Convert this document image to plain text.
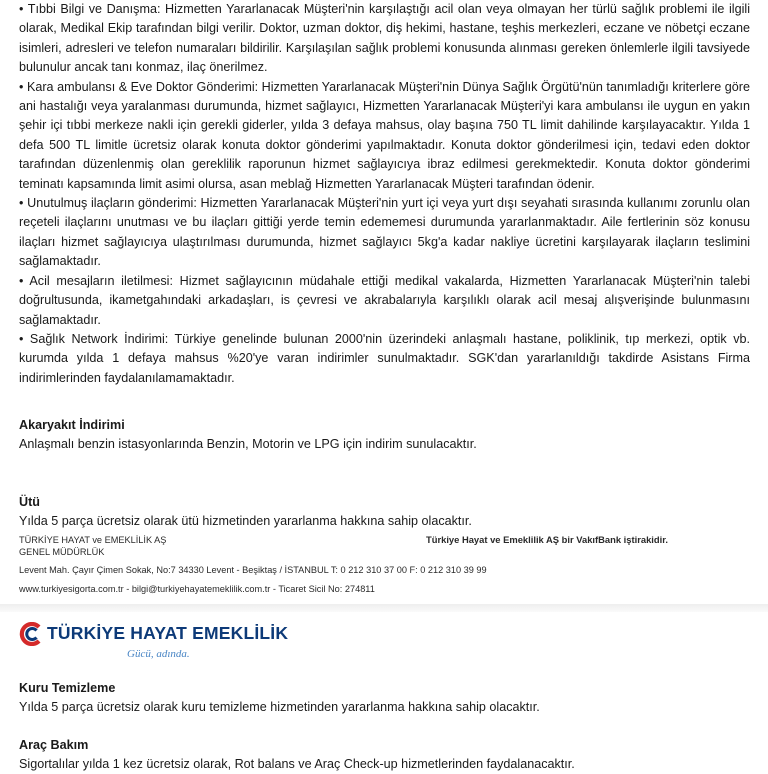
• Tıbbi Bilgi ve Danışma: Hizmetten Yararlanacak Müşteri'nin karşılaştığı acil olan veya olmayan her türlü sağlık problemi ile ilgili olarak, Medikal Ekip tarafından bilgi verilir. Doktor, uzman doktor, diş hekimi, hastane, teşhis merkezleri, eczane ve nöbetçi eczane isimleri, adresleri ve telefon numaraları bildirilir. Karşılaşılan sağlık problemi konusunda alınması gereken önlemlerle ilgili tavsiyede bulunulur ancak tanı konmaz, ilaç önerilmez.

• Kara ambulansı & Eve Doktor Gönderimi: Hizmetten Yararlanacak Müşteri'nin Dünya Sağlık Örgütü'nün tanımladığı kriterlere göre ani hastalığı veya yaralanması durumunda, hizmet sağlayıcı, Hizmetten Yararlanacak Müşteri'yi kara ambulansı ile uygun en yakın şehir içi tıbbi merkeze nakli için gerekli giderler, yılda 3 defaya mahsus, olay başına 750 TL limit dahilinde karşılayacaktır. Yılda 1 defa 500 TL limitle ücretsiz olarak konuta doktor gönderimi yapılmaktadır. Konuta doktor gönderilmesi için, tedavi eden doktor tarafından düzenlenmiş olan gereklilik raporunun hizmet sağlayıcıya ibraz edilmesi gerekmektedir. Konuta doktor gönderimi teminatı kapsamında limit asimi olursa, asan meblağ Hizmetten Yararlanacak Müşteri tarafından ödenir.

• Unutulmuş ilaçların gönderimi: Hizmetten Yararlanacak Müşteri'nin yurt içi veya yurt dışı seyahati sırasında kullanımı zorunlu olan reçeteli ilaçlarını unutması ve bu ilaçları gittiği yerde temin edememesi durumunda yararlanmaktadır. Aile fertlerinin söz konusu ilaçları hizmet sağlayıcıya ulaştırılması durumunda, hizmet sağlayıcı 5kg'a kadar nakliye ücretini karşılayarak ilaçların teslimini sağlamaktadır.

• Acil mesajların iletilmesi: Hizmet sağlayıcının müdahale ettiği medikal vakalarda, Hizmetten Yararlanacak Müşteri'nin talebi doğrultusunda, ikametgahındaki arkadaşları, is çevresi ve akrabalarıyla karşılıklı olarak acil mesaj alışverişinde bulunmasını sağlamaktadır.

• Sağlık Network İndirimi: Türkiye genelinde bulunan 2000'nin üzerindeki anlaşmalı hastane, poliklinik, tıp merkezi, optik vb. kurumda yılda 1 defaya mahsus %20'ye varan indirimler sunulmaktadır. SGK'dan yararlanıldığı takdirde Asistans Firma indirimlerinden faydalanılamamaktadır.

Akaryakıt İndirimi

Anlaşmalı benzin istasyonlarında Benzin, Motorin ve LPG için indirim sunulacaktır.

Ütü

Yılda 5 parça ücretsiz olarak ütü hizmetinden yararlanma hakkına sahip olacaktır.

TÜRKİYE HAYAT ve EMEKLİLİK AŞ	Türkiye Hayat ve Emeklilik AŞ bir VakıfBank iştirakidir.
GENEL MÜDÜRLÜK
Levent Mah. Çayır Çimen Sokak, No:7 34330 Levent - Beşiktaş / İSTANBUL T: 0 212 310 37 00 F: 0 212 310 39 99
www.turkiyesigorta.com.tr - bilgi@turkiyehayatemeklilik.com.tr - Ticaret Sicil No: 274811
TÜRKİYE HAYAT EMEKLİLİK
Gücü, adında.

Kuru Temizleme

Yılda 5 parça ücretsiz olarak kuru temizleme hizmetinden yararlanma hakkına sahip olacaktır.

Araç Bakım

Sigortalılar yılda 1 kez ücretsiz olarak, Rot balans ve Araç Check-up hizmetlerinden faydalanacaktır.
